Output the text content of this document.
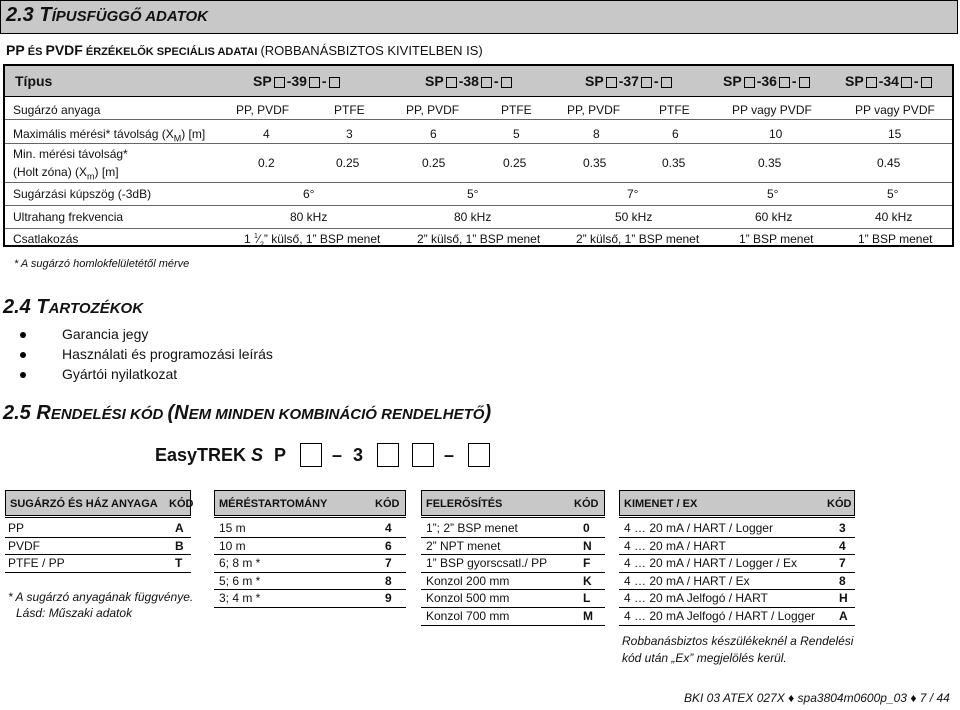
2.3 TÍPUSFÜGGŐ ADATOK
PP ÉS PVDF ÉRZÉKELŐK SPECIÁLIS ADATAI (ROBBANÁSBIZTOS KIVITELBEN IS)
Típus	SP -39 -	SP -38 -	SP -37 -	SP -36 -	SP -34 -
Sugárzó anyaga	PP, PVDF	PTFE	PP, PVDF	PTFE	PP, PVDF	PTFE	PP vagy PVDF	PP vagy PVDF
Maximális mérési* távolság $(X_M)$ [m]	4	3	6	5	8	6	10	15
Min. mérési távolság*
(Holt zóna) $(X_m)$ [m]
0.2	0.25	0.25	0.25	0.35	0.35	0.35	0.45
Sugárzási kúpszög (-3dB)	6°	5°	7°	5°	5°
Ultrahang frekvencia	80 kHz	80 kHz	50 kHz	60 kHz	40 kHz
Csatlakozás	1 $^1⁄_2$” külső, 1” BSP menet	2” külső, 1” BSP menet	2” külső, 1” BSP menet	1” BSP menet	1” BSP menet
* A sugárzó homlokfelületétől mérve
2.4 TARTOZÉKOK
Garancia jegy
Használati és programozási leírás
Gyártói nyilatkozat
2.5 RENDELÉSI KÓD (NEM MINDEN KOMBINÁCIÓ RENDELHETŐ)
EasyTREK S P	– 3	–
SUGÁRZÓ ÉS HÁZ ANYAGA KÓD
PP	A
PVDF	B
PTFE / PP	T
* A sugárzó anyagának függvénye.
Lásd: Műszaki adatok
MÉRÉSTARTOMÁNY	KÓD
15 m	4
10 m	6
6; 8 m *	7
5; 6 m *	8
3; 4 m *	9
FELERŐSÍTÉS	KÓD
1”; 2” BSP menet	0
2” NPT menet	N
1” BSP gyorscsatl./ PP	F
Konzol 200 mm	K
Konzol 500 mm	L
Konzol 700 mm	M
KIMENET / EX	KÓD
4 … 20 mA / HART / Logger	3
4 … 20 mA / HART	4
4 … 20 mA / HART / Logger / Ex	7
4 … 20 mA / HART / Ex	8
4 … 20 mA Jelfogó / HART	H
4 … 20 mA Jelfogó / HART / Logger A
Robbanásbiztos készülékeknél a Rendelési
kód után „Ex” megjelölés kerül.
BKI 03 ATEX 027X ♦ spa3804m0600p_03 ♦ 7 / 44
